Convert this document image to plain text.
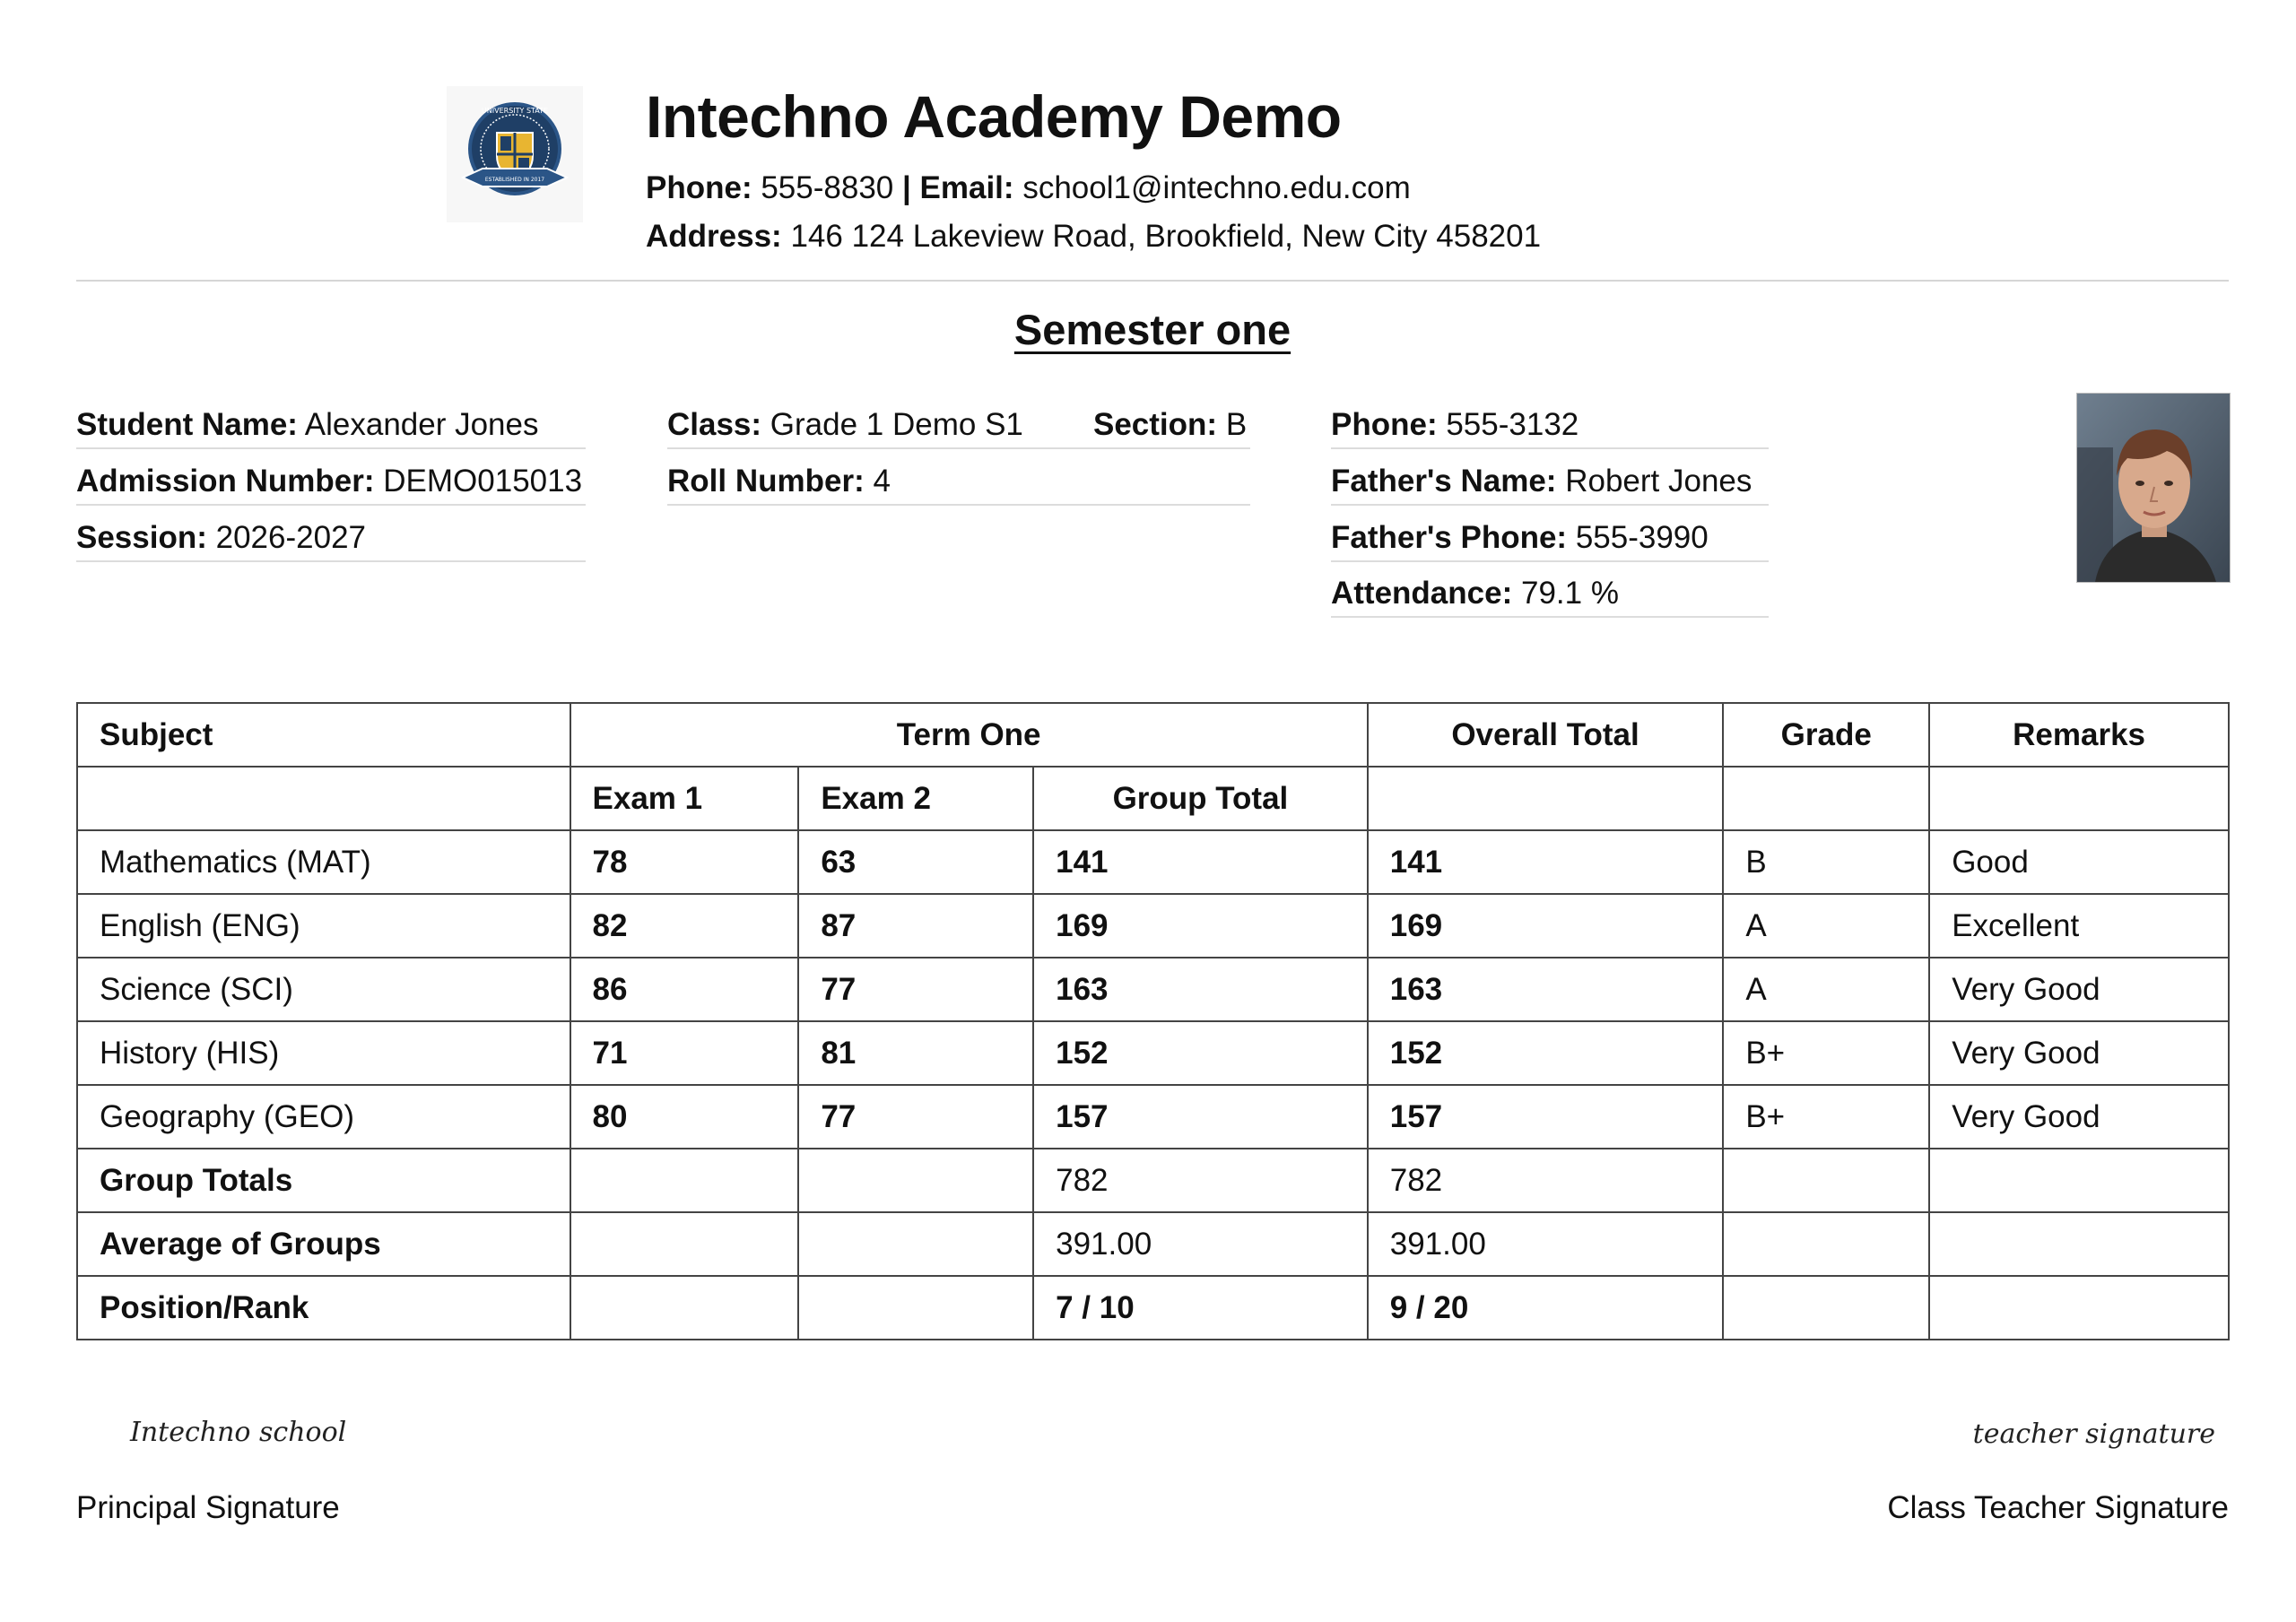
UNIVERSITY STATE
ESTABLISHED IN 2017
Intechno Academy Demo
Phone: 555-8830 | Email: school1@intechno.edu.com
Address: 146 124 Lakeview Road, Brookfield, New City 458201
Semester one
Student Name: Alexander Jones
Admission Number: DEMO015013
Session: 2026-2027
Class: Grade 1 Demo S1 Section: B
Roll Number: 4
Phone: 555-3132
Father's Name: Robert Jones
Father's Phone: 555-3990
Attendance: 79.1 %
Subject	Term One			Overall Total	Grade	Remarks
	Exam 1	Exam 2	Group Total			
Mathematics (MAT)	78	63	141	141	B	Good
English (ENG)	82	87	169	169	A	Excellent
Science (SCI)	86	77	163	163	A	Very Good
History (HIS)	71	81	152	152	B+	Very Good
Geography (GEO)	80	77	157	157	B+	Very Good
Group Totals			782	782		
Average of Groups			391.00	391.00		
Position/Rank			7 / 10	9 / 20		
Intechno school
Principal Signature
teacher signature
Class Teacher Signature
